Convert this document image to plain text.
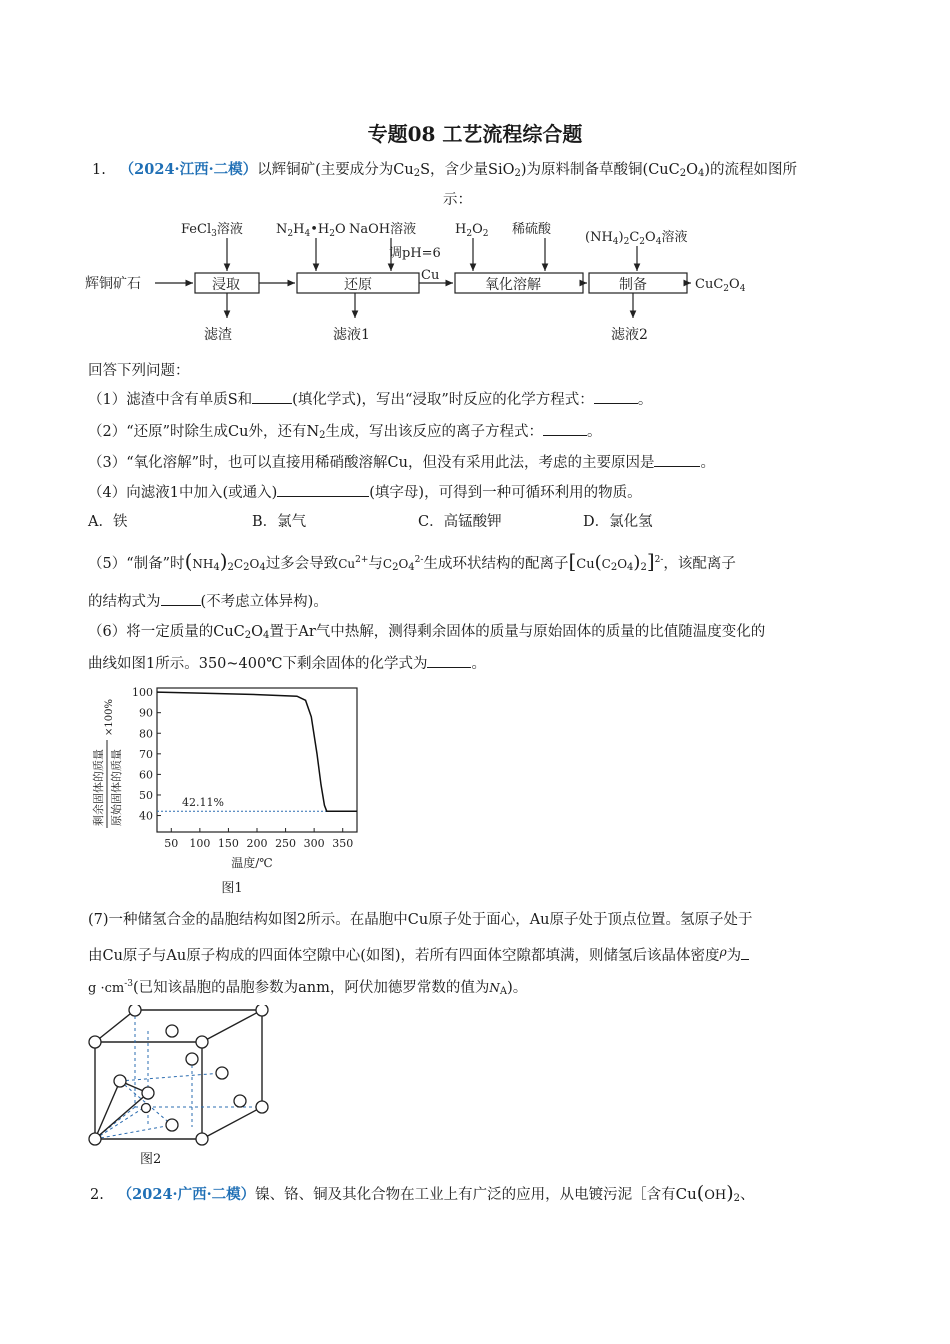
专题08 工艺流程综合题
1. （2024·江西·二模）以辉铜矿(主要成分为$Cu_2S$，含少量SiO$_2$)为原料制备草酸铜$(CuC_2O_4)$的流程如图所
示：
辉铜矿石	浸取	还原	氧化溶解	制备	$CuC_2O_4$
FeCl$_3$溶液	$N_2H_4•H_2O$ NaOH溶液
调pH=6
Cu
$H_2O_2$ 稀硫酸
$(NH_4)_2C_2O_4$溶液
滤渣	滤液1	滤液2
回答下列问题：
（1）滤渣中含有单质S和	(填化学式)，写出“浸取”时反应的化学方程式：	。
（2）“还原”时除生成Cu外，还有$N_2$生成，写出该反应的离子方程式：	。
（3）“氧化溶解”时，也可以直接用稀硝酸溶解Cu，但没有采用此法，考虑的主要原因是	。
（4）向滤液1中加入(或通入)	(填字母)，可得到一种可循环利用的物质。
A．铁	B．氯气	C．高锰酸钾	D．氯化氢
（5）“制备”时$(NH_4)_2C_2O_4$过多会导致$Cu^{2+}$与$C_2O_4^{2-}$生成环状结构的配离子$[Cu(C_2O_4)_2]^{2-}$，该配离子
的结构式为	(不考虑立体异构)。
（6）将一定质量的$CuC_2O_4$置于Ar气中热解，测得剩余固体的质量与原始固体的质量的比值随温度变化的
曲线如图1所示。350~400℃下剩余固体的化学式为	。
50 100 150 200 250 300 350
40
50
60
70
80
90
100
42.11%
温度/℃
图1
剩余固体的质量 原始固体的质量
×100%
(7)一种储氢合金的晶胞结构如图2所示。在晶胞中Cu原子处于面心，Au原子处于顶点位置。氢原子处于
由Cu原子与Au原子构成的四面体空隙中心(如图)，若所有四面体空隙都填满，则储氢后该晶体密度$^\rho$为
$g \cdot cm^{-3}$(已知该晶胞的晶胞参数为anm，阿伏加德罗常数的值为$N_A$)。
图2
2. （2024·广西·二模）镍、铬、铜及其化合物在工业上有广泛的应用，从电镀污泥［含有$Cu(OH)_2$、
